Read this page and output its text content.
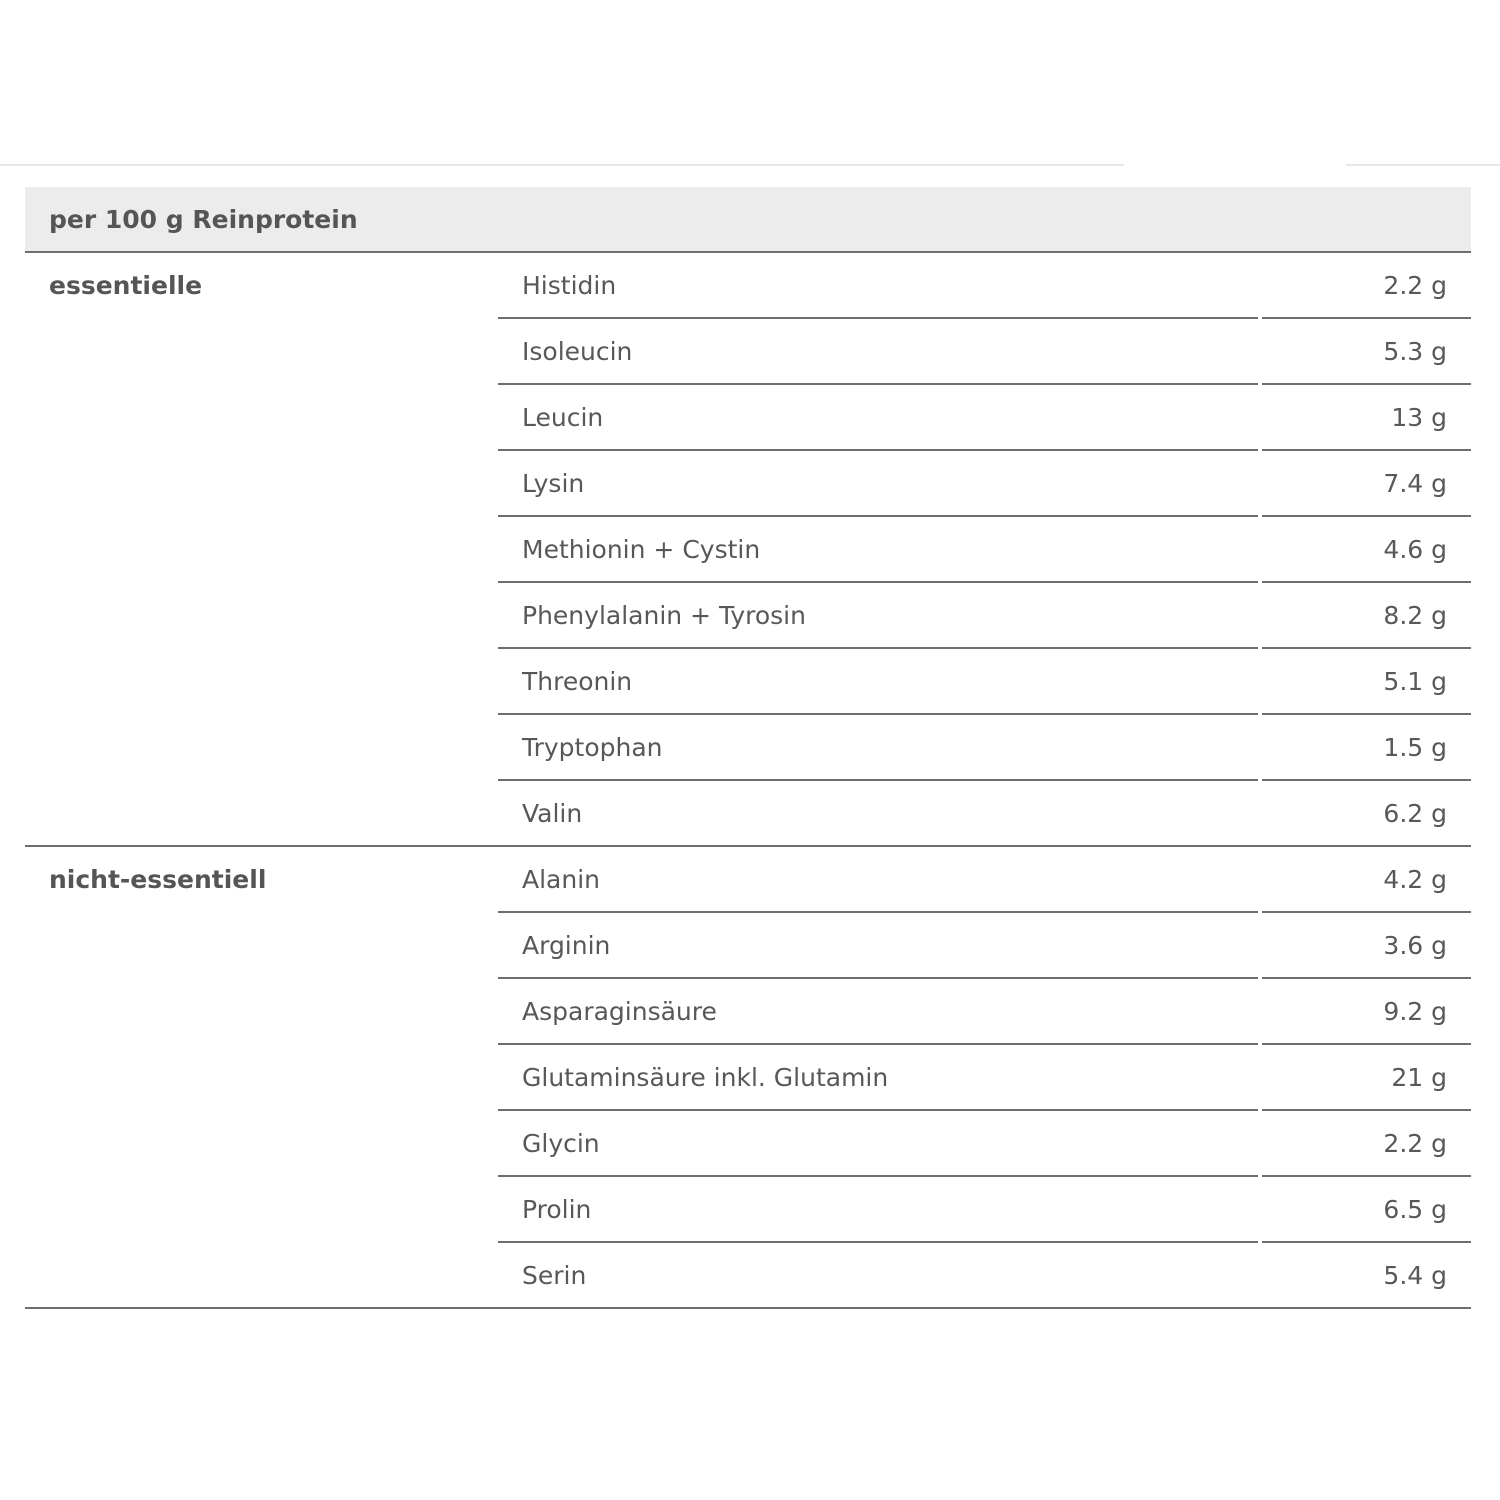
per 100 g Reinprotein
essentielle	Histidin	2.2 g
Isoleucin	5.3 g
Leucin	13 g
Lysin	7.4 g
Methionin + Cystin	4.6 g
Phenylalanin + Tyrosin	8.2 g
Threonin	5.1 g
Tryptophan	1.5 g
Valin	6.2 g
nicht-essentiell	Alanin	4.2 g
Arginin	3.6 g
Asparaginsäure	9.2 g
Glutaminsäure inkl. Glutamin	21 g
Glycin	2.2 g
Prolin	6.5 g
Serin	5.4 g
